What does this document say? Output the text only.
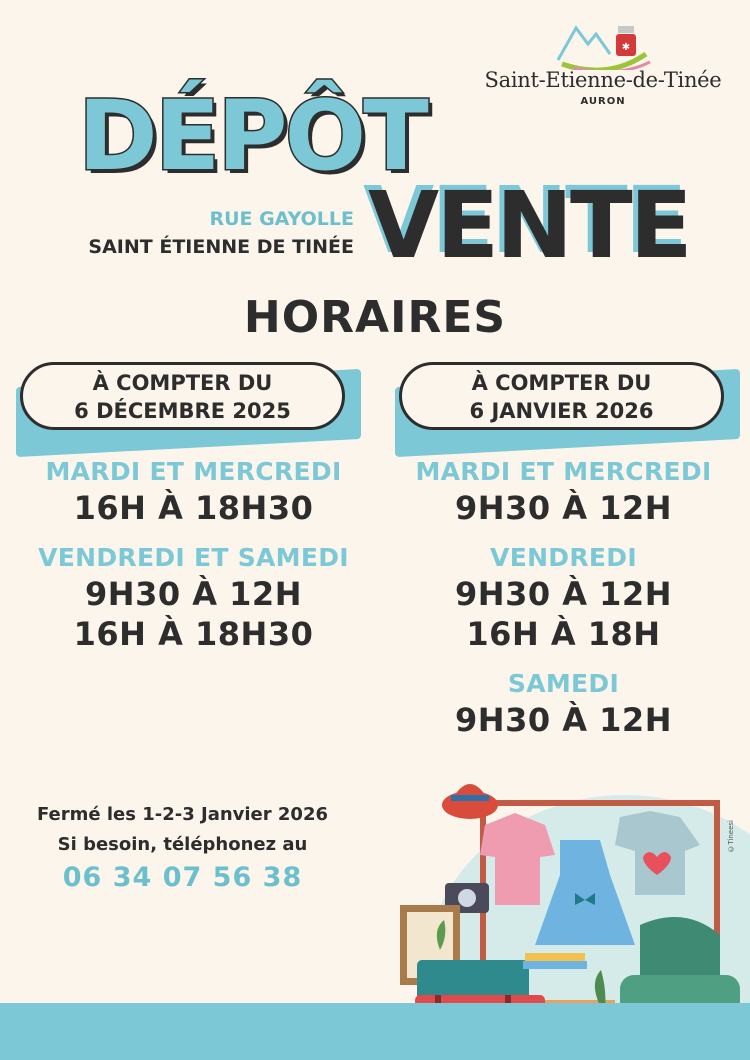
✱
Saint-Etienne-de-Tinée
AURON
DÉPÔT
RUE GAYOLLE
SAINT ÉTIENNE DE TINÉE VENTE
HORAIRES
À COMPTER DU
6 DÉCEMBRE 2025
À COMPTER DU
6 JANVIER 2026
MARDI ET MERCREDI
16H À 18H30
VENDREDI ET SAMEDI
9H30 À 12H
16H À 18H30
MARDI ET MERCREDI
9H30 À 12H
VENDREDI
9H30 À 12H
16H À 18H
SAMEDI
9H30 À 12H
Fermé les 1-2-3 Janvier 2026
Si besoin, téléphonez au
06 34 07 56 38
©Tineesi
